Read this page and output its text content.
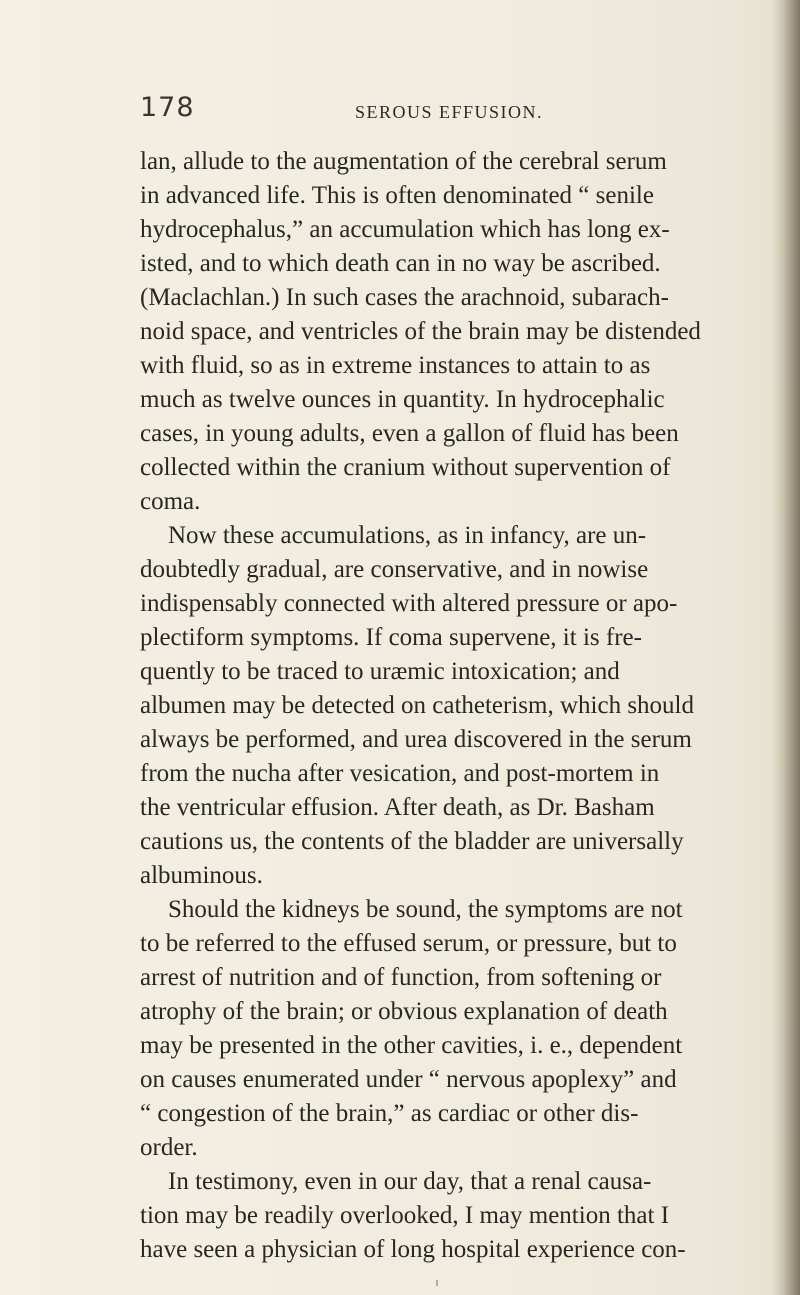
178	SEROUS EFFUSION.
lan, allude to the augmentation of the cerebral serum
in advanced life. This is often denominated “ senile
hydrocephalus,” an accumulation which has long ex-
isted, and to which death can in no way be ascribed.
(Maclachlan.) In such cases the arachnoid, subarach-
noid space, and ventricles of the brain may be distended
with fluid, so as in extreme instances to attain to as
much as twelve ounces in quantity. In hydrocephalic
cases, in young adults, even a gallon of fluid has been
collected within the cranium without supervention of
coma.
Now these accumulations, as in infancy, are un-
doubtedly gradual, are conservative, and in nowise
indispensably connected with altered pressure or apo-
plectiform symptoms. If coma supervene, it is fre-
quently to be traced to uræmic intoxication; and
albumen may be detected on catheterism, which should
always be performed, and urea discovered in the serum
from the nucha after vesication, and post-mortem in
the ventricular effusion. After death, as Dr. Basham
cautions us, the contents of the bladder are universally
albuminous.
Should the kidneys be sound, the symptoms are not
to be referred to the effused serum, or pressure, but to
arrest of nutrition and of function, from softening or
atrophy of the brain; or obvious explanation of death
may be presented in the other cavities, i. e., dependent
on causes enumerated under “ nervous apoplexy” and
“ congestion of the brain,” as cardiac or other dis-
order.
In testimony, even in our day, that a renal causa-
tion may be readily overlooked, I may mention that I
have seen a physician of long hospital experience con-
